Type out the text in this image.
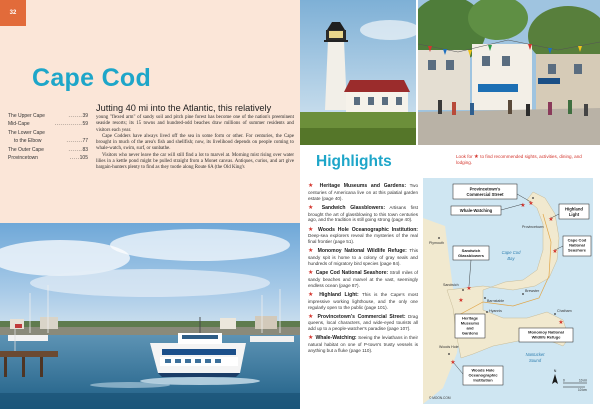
32
Cape Cod
The Upper Cape	.......39
Mid-Cape	..............59
The Lower Cape
to the Elbow	........77
The Outer Cape	.......83
Provincetown	.....105
Jutting 40 mi into the Atlantic, this relatively

young "flexed arm" of sandy soil and pitch pine forest has become one of the nation's preeminent seaside resorts; its 15 towns and hundred-odd beaches draw millions of summer residents and visitors each year.

Cape Codders have always lived off the sea in some form or other. For centuries, the Cape brought in much of the area's fish and shellfish; now, its livelihood depends on people coming to whale-watch, swim, surf, or sunbathe.

Visitors who never leave the car will still find a lot to marvel at. Morning mist rising over water lilies in a kettle pond might be pulled straight from a Monet canvas. Antiques, curios, and art give bargain-hunters plenty to find as they tootle along Route 6A (the Old King's	Highlights	Look for ★ to find recommended sights, activities, dining, and lodging.
★ Heritage Museums and Gardens: Two centuries of Americana live on at this palatial garden estate (page 40).
★ Sandwich Glassblowers: Artisans first brought the art of glassblowing to this town centuries ago, and the tradition is still going strong (page 40).
★ Woods Hole Oceanographic Institution: Deep-sea explorers reveal the mysteries of the real final frontier (page 51).
★ Monomoy National Wildlife Refuge: This sandy spit is home to a colony of gray seals and hundreds of migratory bird species (page 84).
★ Cape Cod National Seashore: Stroll miles of sandy beaches and marvel at the vast, seemingly endless ocean (page 87).
★ Highland Light: This is the Cape's most impressive working lighthouse, and the only one regularly open to the public (page 101).
★ Provincetown's Commercial Street: Drag queens, local characters, and wide-eyed tourists all add up to a people-watcher's paradise (page 107).
★ Whale-Watching: Seeing the leviathans in their natural habitat on one of P-town's trusty vessels is anything but a fluke (page 110).
Provincetown's
Commercial Street
Whale-Watching	Highland
Light
Cape Cod
National
Seashore
Sandwich
Glassblowers
Heritage
Museums
and
Gardens	Monomoy National
Wildlife Refuge
Woods Hole
Oceanographic
Institution
★
★
★
★
★
★
★
★
Provincetown
Plymouth
Sandwich
Barnstable
Hyannis
Brewster
Chatham
Woods Hole
Cape Cod
Bay
Nantucket
Sound
N
0	10 mi
10 km
© MOON.COM
